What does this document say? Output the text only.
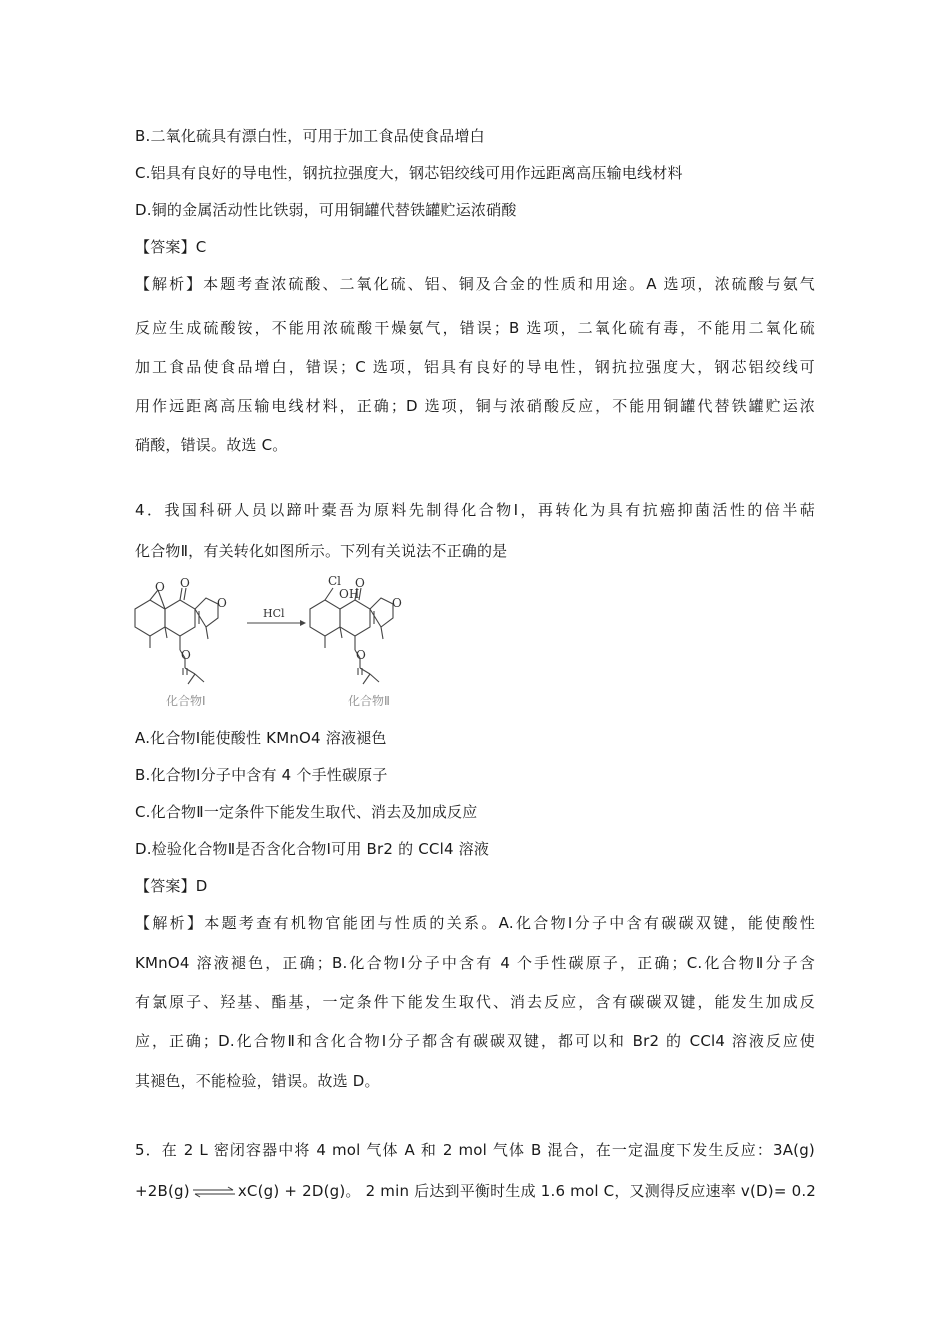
B.二氧化硫具有漂白性，可用于加工食品使食品增白
C.铝具有良好的导电性，钢抗拉强度大，钢芯铝绞线可用作远距离高压输电线材料
D.铜的金属活动性比铁弱，可用铜罐代替铁罐贮运浓硝酸
【答案】C
【解析】本题考查浓硫酸、二氧化硫、铝、铜及合金的性质和用途。A 选项，浓硫酸与氨气
反应生成硫酸铵，不能用浓硫酸干燥氨气，错误；B 选项，二氧化硫有毒，不能用二氧化硫
加工食品使食品增白，错误；C 选项，铝具有良好的导电性，钢抗拉强度大，钢芯铝绞线可
用作远距离高压输电线材料，正确；D 选项，铜与浓硝酸反应，不能用铜罐代替铁罐贮运浓
硝酸，错误。故选 C。
4．我国科研人员以蹄叶橐吾为原料先制得化合物Ⅰ，再转化为具有抗癌抑菌活性的倍半萜
化合物Ⅱ，有关转化如图所示。下列有关说法不正确的是
O O
O
O
化合物Ⅰ
HCl
Cl
OH
O
O
O
化合物Ⅱ
A.化合物Ⅰ能使酸性 KMnO4 溶液褪色
B.化合物Ⅰ分子中含有 4 个手性碳原子
C.化合物Ⅱ一定条件下能发生取代、消去及加成反应
D.检验化合物Ⅱ是否含化合物Ⅰ可用 Br2 的 CCl4 溶液
【答案】D
【解析】本题考查有机物官能团与性质的关系。A.化合物Ⅰ分子中含有碳碳双键，能使酸性
KMnO4 溶液褪色，正确；B.化合物Ⅰ分子中含有 4 个手性碳原子，正确；C.化合物Ⅱ分子含
有氯原子、羟基、酯基，一定条件下能发生取代、消去反应，含有碳碳双键，能发生加成反
应，正确；D.化合物Ⅱ和含化合物Ⅰ分子都含有碳碳双键，都可以和 Br2 的 CCl4 溶液反应使
其褪色，不能检验，错误。故选 D。
5．在 2 L 密闭容器中将 4 mol 气体 A 和 2 mol 气体 B 混合，在一定温度下发生反应：3A(g)
+2B(g)⇌xC(g) + 2D(g)。 2 min 后达到平衡时生成 1.6 mol C，又测得反应速率 v(D)= 0.2
